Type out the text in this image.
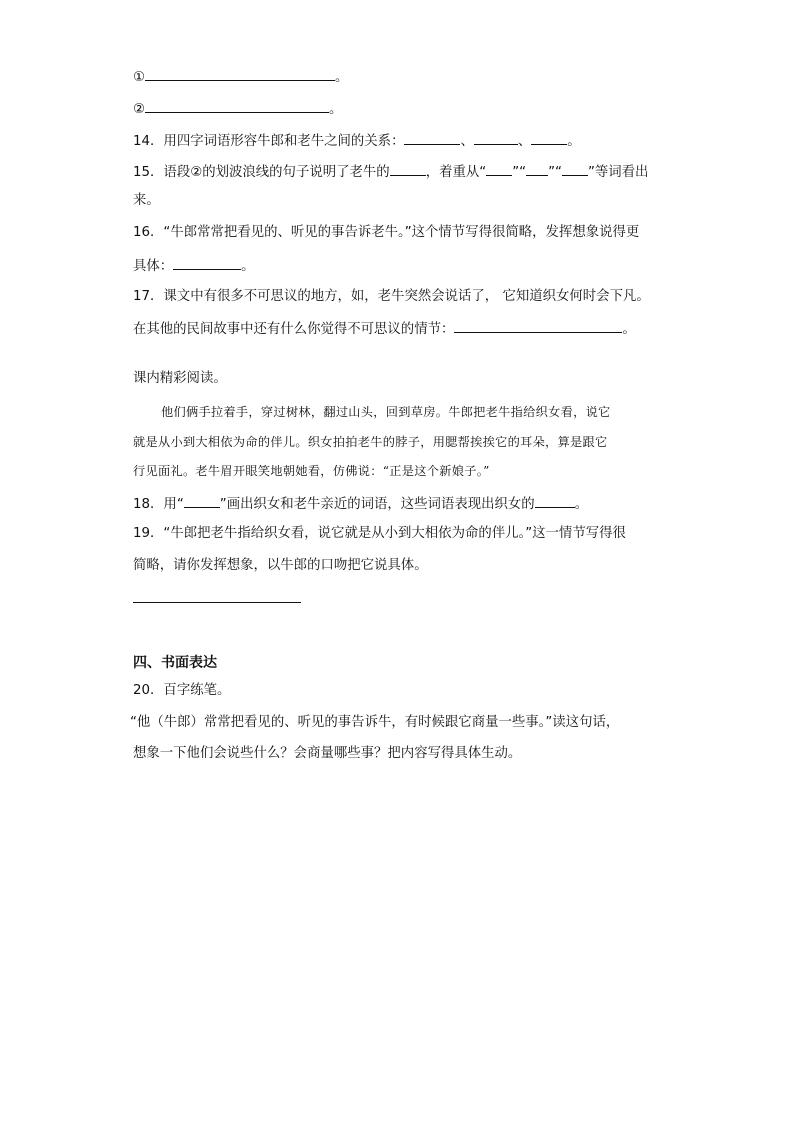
①	。
②	。
14．用四字词语形容牛郎和老牛之间的关系：	、	、	。
15．语段②的划波浪线的句子说明了老牛的	，着重从“ ”“ ”“ ”等词看出
来。
16．“牛郎常常把看见的、听见的事告诉老牛。”这个情节写得很简略，发挥想象说得更
具体：	。
17．课文中有很多不可思议的地方，如，老牛突然会说话了， 它知道织女何时会下凡。
在其他的民间故事中还有什么你觉得不可思议的情节：	。
课内精彩阅读。
他们俩手拉着手，穿过树林，翻过山头，回到草房。牛郎把老牛指给织女看，说它
就是从小到大相依为命的伴儿。织女拍拍老牛的脖子，用腮帮挨挨它的耳朵，算是跟它
行见面礼。老牛眉开眼笑地朝她看，仿佛说：“正是这个新娘子。”
18．用“	”画出织女和老牛亲近的词语，这些词语表现出织女的	。
19．“牛郎把老牛指给织女看，说它就是从小到大相依为命的伴儿。”这一情节写得很
简略，请你发挥想象，以牛郎的口吻把它说具体。
四、书面表达
20．百字练笔。
“他（牛郎）常常把看见的、听见的事告诉牛，有时候跟它商量一些事。”读这句话，
想象一下他们会说些什么？会商量哪些事？把内容写得具体生动。
